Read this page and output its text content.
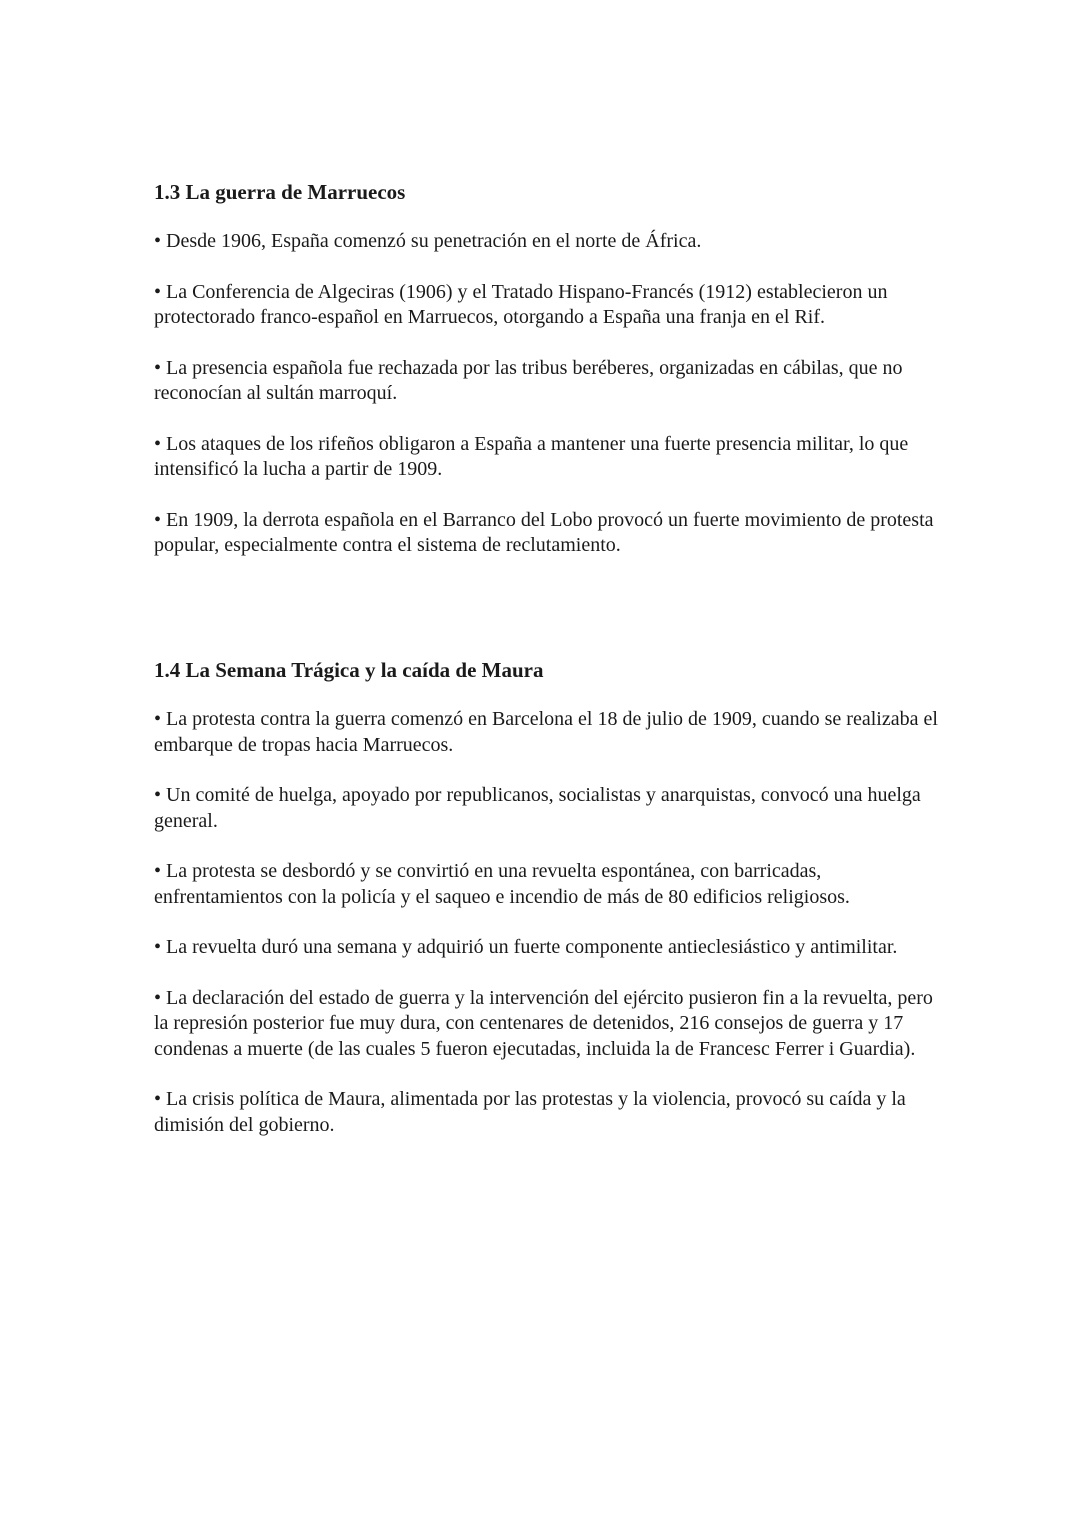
1.3 La guerra de Marruecos
• Desde 1906, España comenzó su penetración en el norte de África.
• La Conferencia de Algeciras (1906) y el Tratado Hispano-Francés (1912) establecieron un protectorado franco-español en Marruecos, otorgando a España una franja en el Rif.
• La presencia española fue rechazada por las tribus beréberes, organizadas en cábilas, que no reconocían al sultán marroquí.
• Los ataques de los rifeños obligaron a España a mantener una fuerte presencia militar, lo que intensificó la lucha a partir de 1909.
• En 1909, la derrota española en el Barranco del Lobo provocó un fuerte movimiento de protesta popular, especialmente contra el sistema de reclutamiento.
1.4 La Semana Trágica y la caída de Maura
• La protesta contra la guerra comenzó en Barcelona el 18 de julio de 1909, cuando se realizaba el embarque de tropas hacia Marruecos.
• Un comité de huelga, apoyado por republicanos, socialistas y anarquistas, convocó una huelga general.
• La protesta se desbordó y se convirtió en una revuelta espontánea, con barricadas, enfrentamientos con la policía y el saqueo e incendio de más de 80 edificios religiosos.
• La revuelta duró una semana y adquirió un fuerte componente antieclesiástico y antimilitar.
• La declaración del estado de guerra y la intervención del ejército pusieron fin a la revuelta, pero la represión posterior fue muy dura, con centenares de detenidos, 216 consejos de guerra y 17 condenas a muerte (de las cuales 5 fueron ejecutadas, incluida la de Francesc Ferrer i Guardia).
• La crisis política de Maura, alimentada por las protestas y la violencia, provocó su caída y la dimisión del gobierno.
